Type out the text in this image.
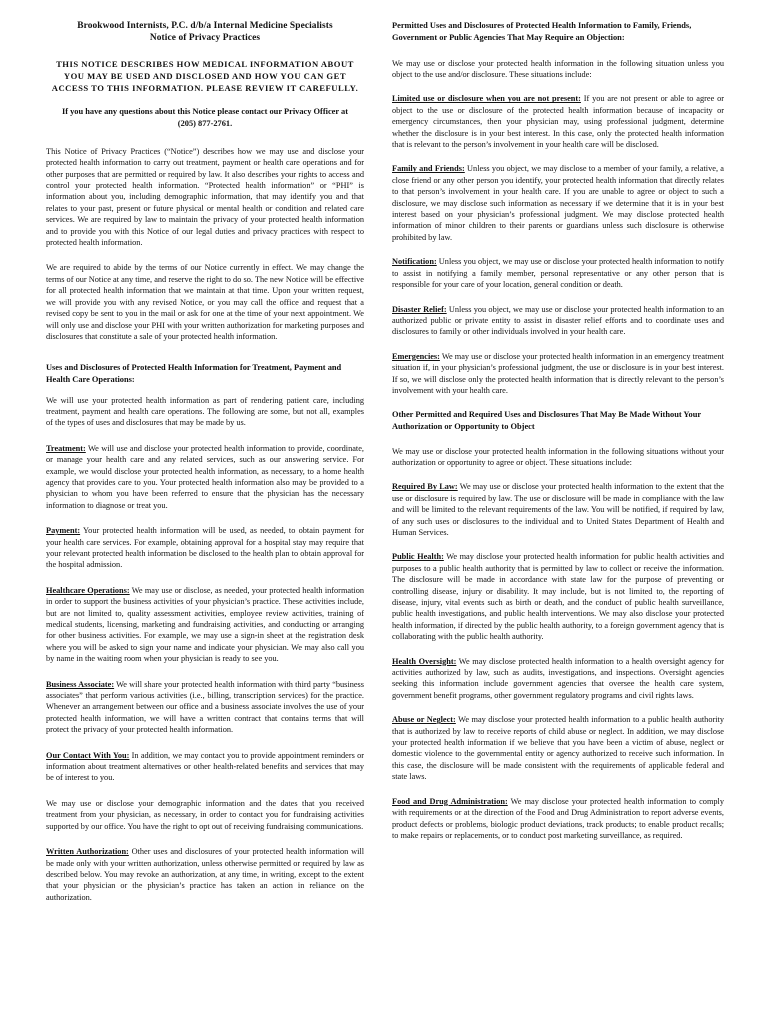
Brookwood Internists, P.C. d/b/a Internal Medicine Specialists
Notice of Privacy Practices
THIS NOTICE DESCRIBES HOW MEDICAL INFORMATION ABOUT YOU MAY BE USED AND DISCLOSED AND HOW YOU CAN GET ACCESS TO THIS INFORMATION. PLEASE REVIEW IT CAREFULLY.
If you have any questions about this Notice please contact our Privacy Officer at (205) 877-2761.

This Notice of Privacy Practices (“Notice”) describes how we may use and disclose your protected health information to carry out treatment, payment or health care operations and for other purposes that are permitted or required by law. It also describes your rights to access and control your protected health information. “Protected health information” or “PHI” is information about you, including demographic information, that may identify you and that relates to your past, present or future physical or mental health or condition and related care services. We are required by law to maintain the privacy of your protected health information and to provide you with this Notice of our legal duties and privacy practices with respect to protected health information.

We are required to abide by the terms of our Notice currently in effect. We may change the terms of our Notice at any time, and reserve the right to do so. The new Notice will be effective for all protected health information that we maintain at that time. Upon your written request, we will provide you with any revised Notice, or you may call the office and request that a revised copy be sent to you in the mail or ask for one at the time of your next appointment. We will only use and disclose your PHI with your written authorization for marketing purposes and disclosures that constitute a sale of your protected health information.

Uses and Disclosures of Protected Health Information for Treatment, Payment and Health Care Operations:

We will use your protected health information as part of rendering patient care, including treatment, payment and health care operations. The following are some, but not all, examples of the types of uses and disclosures that may be made by us.

Treatment: We will use and disclose your protected health information to provide, coordinate, or manage your health care and any related services, such as our answering service. For example, we would disclose your protected health information, as necessary, to a home health agency that provides care to you. Your protected health information also may be provided to a physician to whom you have been referred to ensure that the physician has the necessary information to diagnose or treat you.

Payment: Your protected health information will be used, as needed, to obtain payment for your health care services. For example, obtaining approval for a hospital stay may require that your relevant protected health information be disclosed to the health plan to obtain approval for the hospital admission.

Healthcare Operations: We may use or disclose, as needed, your protected health information in order to support the business activities of your physician’s practice. These activities include, but are not limited to, quality assessment activities, employee review activities, training of medical students, licensing, marketing and fundraising activities, and conducting or arranging for other business activities. For example, we may use a sign-in sheet at the registration desk where you will be asked to sign your name and indicate your physician. We may also call you by name in the waiting room when your physician is ready to see you.

Business Associate: We will share your protected health information with third party “business associates” that perform various activities (i.e., billing, transcription services) for the practice. Whenever an arrangement between our office and a business associate involves the use of your protected health information, we will have a written contract that contains terms that will protect the privacy of your protected health information.

Our Contact With You: In addition, we may contact you to provide appointment reminders or information about treatment alternatives or other health-related benefits and services that may be of interest to you.

We may use or disclose your demographic information and the dates that you received treatment from your physician, as necessary, in order to contact you for fundraising activities supported by our office. You have the right to opt out of receiving fundraising communications.

Written Authorization: Other uses and disclosures of your protected health information will be made only with your written authorization, unless otherwise permitted or required by law as described below. You may revoke an authorization, at any time, in writing, except to the extent that your physician or the physician’s practice has taken an action in reliance on the authorization.

Permitted Uses and Disclosures of Protected Health Information to Family, Friends, Government or Public Agencies That May Require an Objection:

We may use or disclose your protected health information in the following situation unless you object to the use and/or disclosure. These situations include:

Limited use or disclosure when you are not present: If you are not present or able to agree or object to the use or disclosure of the protected health information because of incapacity or emergency circumstances, then your physician may, using professional judgment, determine whether the disclosure is in your best interest. In this case, only the protected health information that is relevant to the person’s involvement in your health care will be disclosed.

Family and Friends: Unless you object, we may disclose to a member of your family, a relative, a close friend or any other person you identify, your protected health information that directly relates to that person’s involvement in your health care. If you are unable to agree or object to such a disclosure, we may disclose such information as necessary if we determine that it is in your best interest based on your physician’s professional judgment. We may disclose protected health information of minor children to their parents or guardians unless such disclosure is otherwise prohibited by law.

Notification: Unless you object, we may use or disclose your protected health information to notify to assist in notifying a family member, personal representative or any other person that is responsible for your care of your location, general condition or death.

Disaster Relief: Unless you object, we may use or disclose your protected health information to an authorized public or private entity to assist in disaster relief efforts and to coordinate uses and disclosures to family or other individuals involved in your health care.

Emergencies: We may use or disclose your protected health information in an emergency treatment situation if, in your physician’s professional judgment, the use or disclosure is in your best interest. If so, we will disclose only the protected health information that is directly relevant to the person’s involvement with your health care.

Other Permitted and Required Uses and Disclosures That May Be Made Without Your Authorization or Opportunity to Object

We may use or disclose your protected health information in the following situations without your authorization or opportunity to agree or object. These situations include:

Required By Law: We may use or disclose your protected health information to the extent that the use or disclosure is required by law. The use or disclosure will be made in compliance with the law and will be limited to the relevant requirements of the law. You will be notified, if required by law, of any such uses or disclosures to the individual and to United States Department of Health and Human Services.

Public Health: We may disclose your protected health information for public health activities and purposes to a public health authority that is permitted by law to collect or receive the information. The disclosure will be made in accordance with state law for the purpose of preventing or controlling disease, injury or disability. It may include, but is not limited to, the reporting of disease, injury, vital events such as birth or death, and the conduct of public health surveillance, public health investigations, and public health interventions. We may also disclose your protected health information, if directed by the public health authority, to a foreign government agency that is collaborating with the public health authority.

Health Oversight: We may disclose protected health information to a health oversight agency for activities authorized by law, such as audits, investigations, and inspections. Oversight agencies seeking this information include government agencies that oversee the health care system, government benefit programs, other government regulatory programs and civil rights laws.

Abuse or Neglect: We may disclose your protected health information to a public health authority that is authorized by law to receive reports of child abuse or neglect. In addition, we may disclose your protected health information if we believe that you have been a victim of abuse, neglect or domestic violence to the governmental entity or agency authorized to receive such information. In this case, the disclosure will be made consistent with the requirements of applicable federal and state laws.

Food and Drug Administration: We may disclose your protected health information to comply with requirements or at the direction of the Food and Drug Administration to report adverse events, product defects or problems, biologic product deviations, track products; to enable product recalls; to make repairs or replacements, or to conduct post marketing surveillance, as required.
